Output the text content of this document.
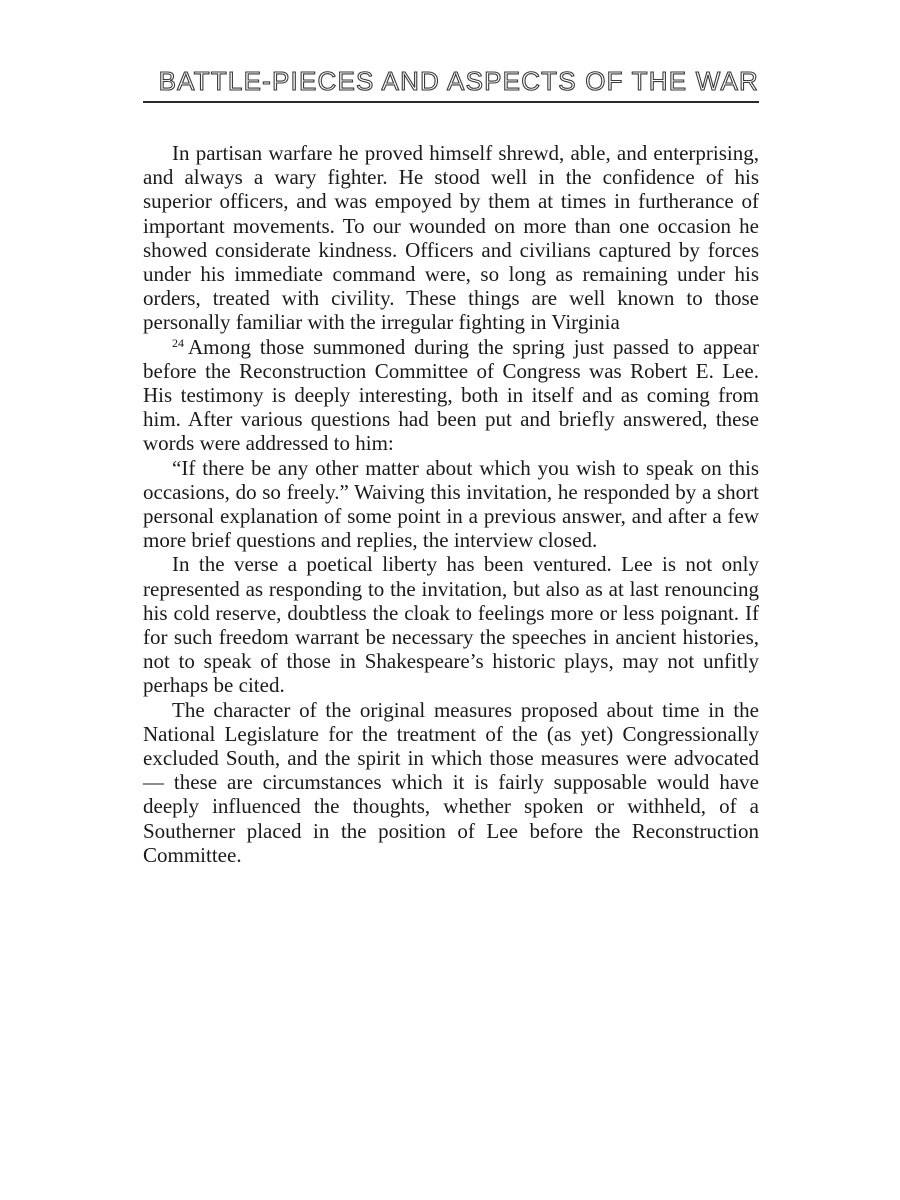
BATTLE-PIECES AND ASPECTS OF THE WAR

In partisan warfare he proved himself shrewd, able, and enterprising, and always a wary fighter. He stood well in the confidence of his superior officers, and was empoyed by them at times in furtherance of important movements. To our wounded on more than one occasion he showed considerate kindness. Officers and civilians captured by forces under his immediate command were, so long as remaining under his orders, treated with civility. These things are well known to those personally familiar with the irregular fighting in Virginia

$^{24}$ Among those summoned during the spring just passed to appear before the Reconstruction Committee of Congress was Robert E. Lee. His testimony is deeply interesting, both in itself and as coming from him. After various questions had been put and briefly answered, these words were addressed to him:

“If there be any other matter about which you wish to speak on this occasions, do so freely.” Waiving this invitation, he responded by a short personal explanation of some point in a previous answer, and after a few more brief questions and replies, the interview closed.

In the verse a poetical liberty has been ventured. Lee is not only represented as responding to the invitation, but also as at last renouncing his cold reserve, doubtless the cloak to feelings more or less poignant. If for such freedom warrant be necessary the speeches in ancient histories, not to speak of those in Shakespeare’s historic plays, may not unfitly perhaps be cited.

The character of the original measures proposed about time in the National Legislature for the treatment of the (as yet) Congressionally excluded South, and the spirit in which those measures were advocated — these are circumstances which it is fairly supposable would have deeply influenced the thoughts, whether spoken or withheld, of a Southerner placed in the position of Lee before the Reconstruction Committee.
